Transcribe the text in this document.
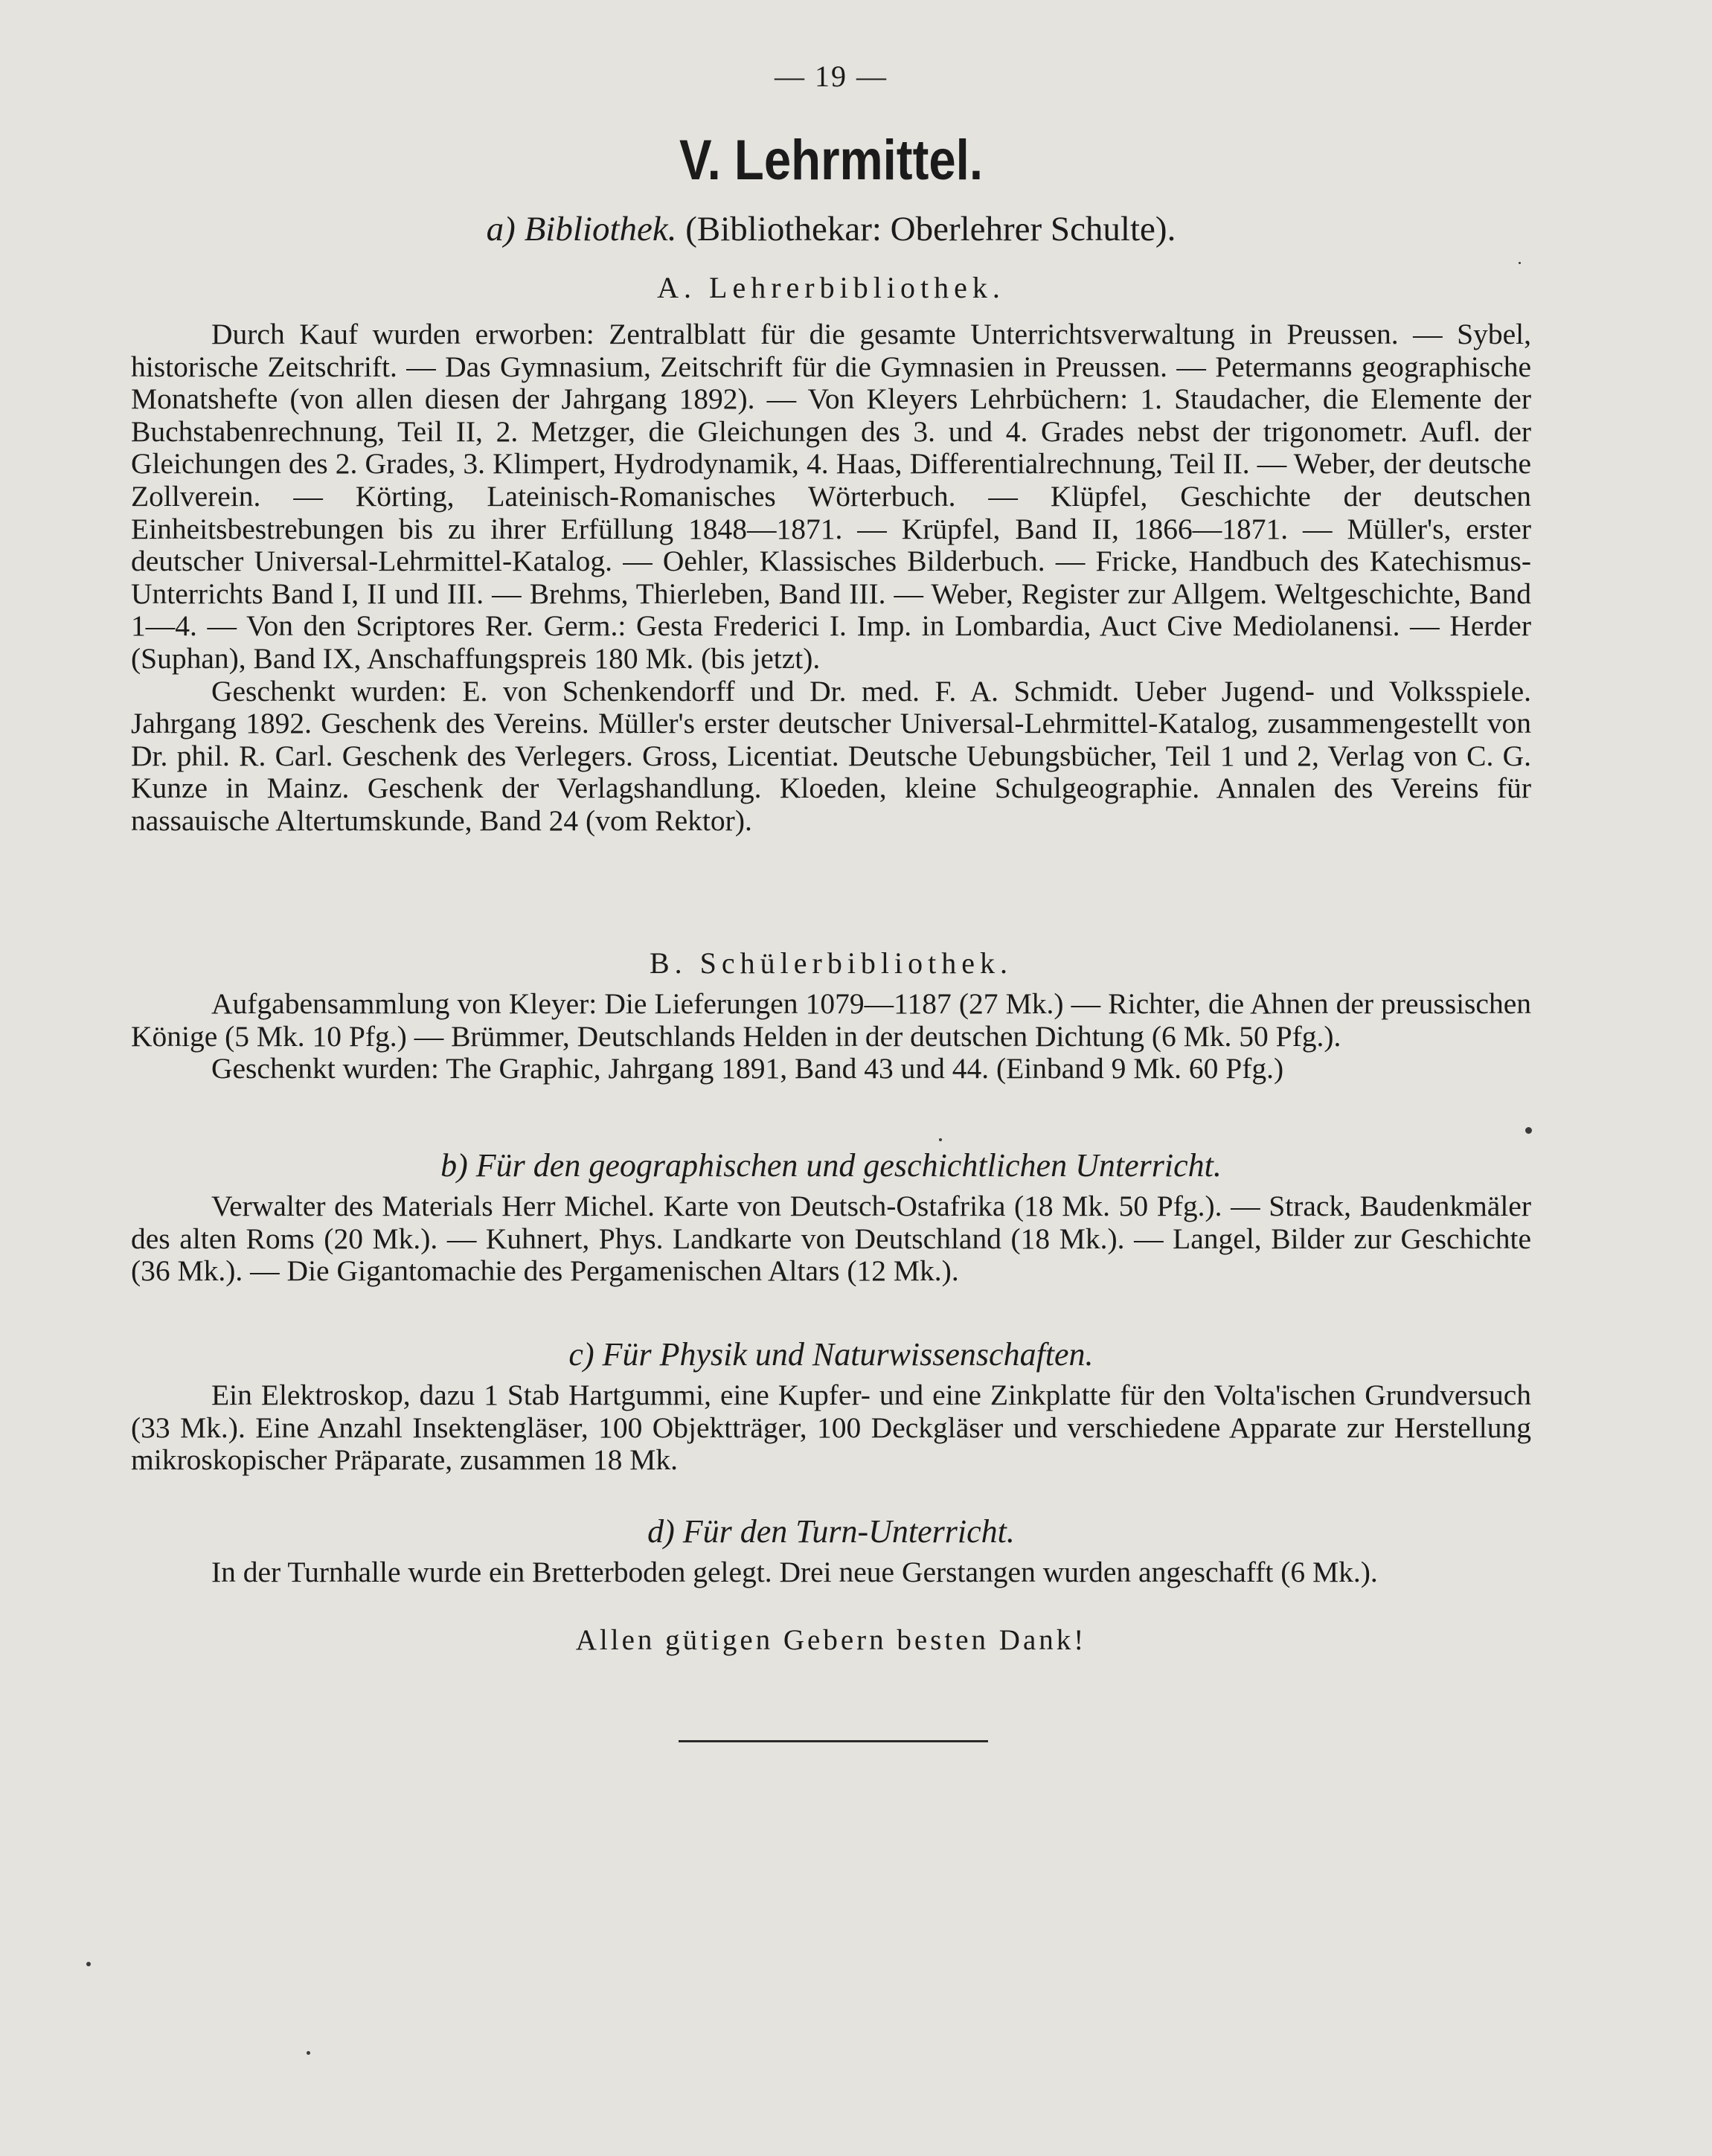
— 19 —
V. Lehrmittel.
a) Bibliothek. (Bibliothekar: Oberlehrer Schulte).
A. Lehrerbibliothek.

Durch Kauf wurden erworben: Zentralblatt für die gesamte Unterrichtsverwaltung in Preussen. — Sybel, historische Zeitschrift. — Das Gymnasium, Zeitschrift für die Gymnasien in Preussen. — Petermanns geographische Monatshefte (von allen diesen der Jahrgang 1892). — Von Kleyers Lehrbüchern: 1. Staudacher, die Elemente der Buchstabenrechnung, Teil II, 2. Metzger, die Gleichungen des 3. und 4. Grades nebst der trigonometr. Aufl. der Gleichungen des 2. Grades, 3. Klimpert, Hydrodynamik, 4. Haas, Differentialrechnung, Teil II. — Weber, der deutsche Zollverein. — Körting, Lateinisch-Romanisches Wörterbuch. — Klüpfel, Geschichte der deutschen Einheitsbestrebungen bis zu ihrer Erfüllung 1848—1871. — Krüpfel, Band II, 1866—1871. — Müller's, erster deutscher Universal-Lehrmittel-Katalog. — Oehler, Klassisches Bilderbuch. — Fricke, Handbuch des Katechismus-Unterrichts Band I, II und III. — Brehms, Thierleben, Band III. — Weber, Register zur Allgem. Weltgeschichte, Band 1—4. — Von den Scriptores Rer. Germ.: Gesta Frederici I. Imp. in Lombardia, Auct Cive Mediolanensi. — Herder (Suphan), Band IX, Anschaffungspreis 180 Mk. (bis jetzt).

Geschenkt wurden: E. von Schenkendorff und Dr. med. F. A. Schmidt. Ueber Jugend- und Volksspiele. Jahrgang 1892. Geschenk des Vereins. Müller's erster deutscher Universal-Lehrmittel-Katalog, zusammengestellt von Dr. phil. R. Carl. Geschenk des Verlegers. Gross, Licentiat. Deutsche Uebungsbücher, Teil 1 und 2, Verlag von C. G. Kunze in Mainz. Geschenk der Verlagshandlung. Kloeden, kleine Schulgeographie. Annalen des Vereins für nassauische Altertumskunde, Band 24 (vom Rektor).

B. Schülerbibliothek.

Aufgabensammlung von Kleyer: Die Lieferungen 1079—1187 (27 Mk.) — Richter, die Ahnen der preussischen Könige (5 Mk. 10 Pfg.) — Brümmer, Deutschlands Helden in der deutschen Dichtung (6 Mk. 50 Pfg.).

Geschenkt wurden: The Graphic, Jahrgang 1891, Band 43 und 44. (Einband 9 Mk. 60 Pfg.)

b) Für den geographischen und geschichtlichen Unterricht.

Verwalter des Materials Herr Michel. Karte von Deutsch-Ostafrika (18 Mk. 50 Pfg.). — Strack, Baudenkmäler des alten Roms (20 Mk.). — Kuhnert, Phys. Landkarte von Deutschland (18 Mk.). — Langel, Bilder zur Geschichte (36 Mk.). — Die Gigantomachie des Pergamenischen Altars (12 Mk.).

c) Für Physik und Naturwissenschaften.

Ein Elektroskop, dazu 1 Stab Hartgummi, eine Kupfer- und eine Zinkplatte für den Volta'ischen Grundversuch (33 Mk.). Eine Anzahl Insektengläser, 100 Objektträger, 100 Deckgläser und verschiedene Apparate zur Herstellung mikroskopischer Präparate, zusammen 18 Mk.

d) Für den Turn-Unterricht.

In der Turnhalle wurde ein Bretterboden gelegt. Drei neue Gerstangen wurden angeschafft (6 Mk.).

Allen gütigen Gebern besten Dank!
